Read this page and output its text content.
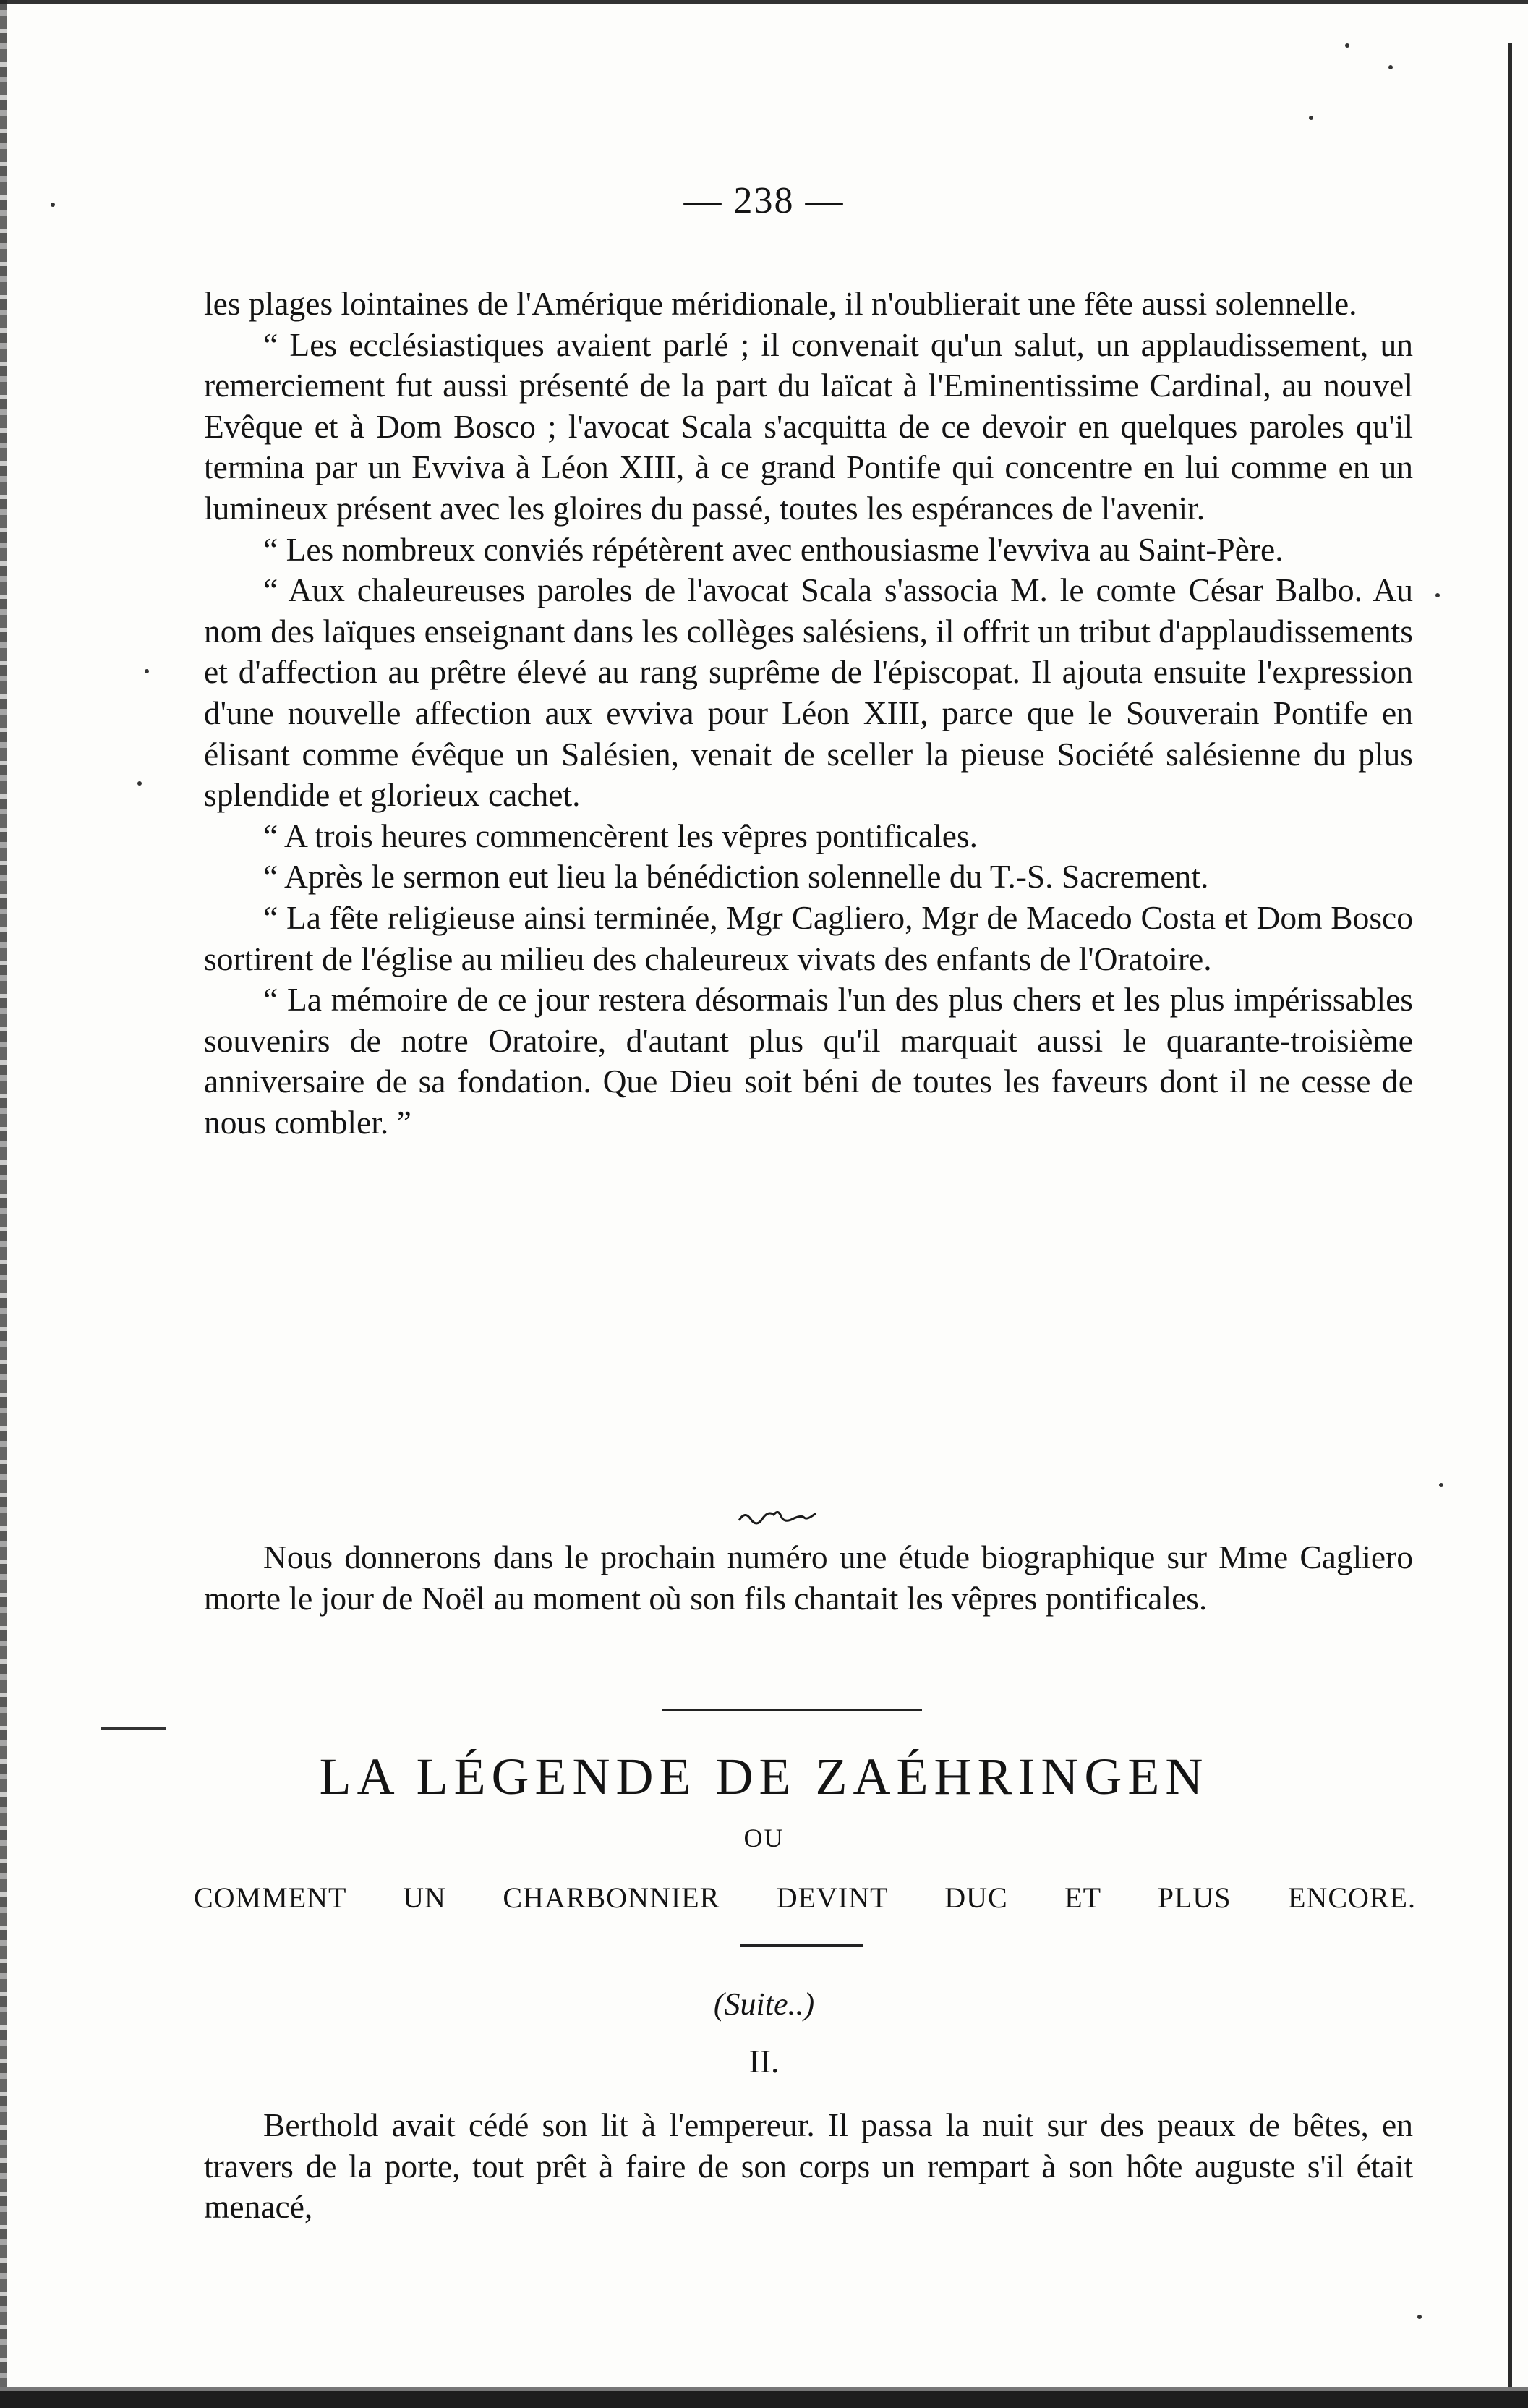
— 238 —

les plages lointaines de l'Amérique méridionale, il n'oublierait une fête aussi solennelle.

“ Les ecclésiastiques avaient parlé ; il convenait qu'un salut, un applaudissement, un remerciement fut aussi présenté de la part du laïcat à l'Eminentissime Cardinal, au nouvel Evêque et à Dom Bosco ; l'avocat Scala s'acquitta de ce devoir en quelques paroles qu'il termina par un Evviva à Léon XIII, à ce grand Pontife qui concentre en lui comme en un lumineux présent avec les gloires du passé, toutes les espérances de l'avenir.

“ Les nombreux conviés répétèrent avec enthousiasme l'evviva au Saint-Père.

“ Aux chaleureuses paroles de l'avocat Scala s'associa M. le comte César Balbo. Au nom des laïques enseignant dans les collèges salésiens, il offrit un tribut d'applaudissements et d'affection au prêtre élevé au rang suprême de l'épiscopat. Il ajouta ensuite l'expression d'une nouvelle affection aux evviva pour Léon XIII, parce que le Souverain Pontife en élisant comme évêque un Salésien, venait de sceller la pieuse Société salésienne du plus splendide et glorieux cachet.

“ A trois heures commencèrent les vêpres pontificales.

“ Après le sermon eut lieu la bénédiction solennelle du T.-S. Sacrement.

“ La fête religieuse ainsi terminée, Mgr Cagliero, Mgr de Macedo Costa et Dom Bosco sortirent de l'église au milieu des chaleureux vivats des enfants de l'Oratoire.

“ La mémoire de ce jour restera désormais l'un des plus chers et les plus impérissables souvenirs de notre Oratoire, d'autant plus qu'il marquait aussi le quarante-troisième anniversaire de sa fondation. Que Dieu soit béni de toutes les faveurs dont il ne cesse de nous combler. ”

Nous donnerons dans le prochain numéro une étude biographique sur Mme Cagliero morte le jour de Noël au moment où son fils chantait les vêpres pontificales.

LA LÉGENDE DE ZAÉHRINGEN
OU
COMMENT UN CHARBONNIER DEVINT DUC ET PLUS ENCORE.
(Suite..)
II.

Berthold avait cédé son lit à l'empereur. Il passa la nuit sur des peaux de bêtes, en travers de la porte, tout prêt à faire de son corps un rempart à son hôte auguste s'il était menacé,
